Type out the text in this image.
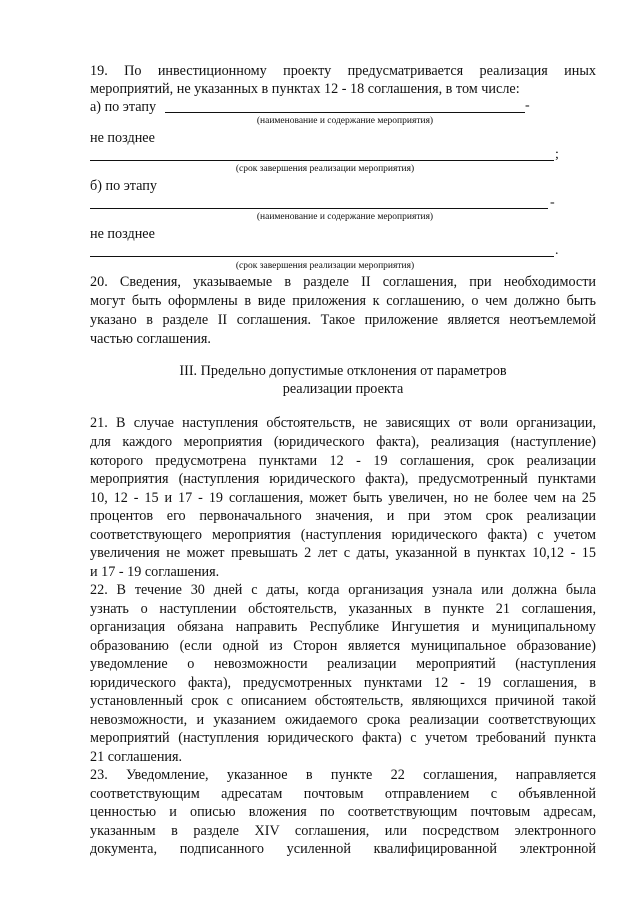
19. По инвестиционному проекту предусматривается реализация иных
мероприятий, не указанных в пунктах 12 - 18 соглашения, в том числе:
а) по этапу	-
(наименование и содержание мероприятия)
не позднее
;
(срок завершения реализации мероприятия)
б) по этапу
-
(наименование и содержание мероприятия)
не позднее
.
(срок завершения реализации мероприятия)
20. Сведения, указываемые в разделе II соглашения, при необходимости
могут быть оформлены в виде приложения к соглашению, о чем должно быть
указано в разделе II соглашения. Такое приложение является неотъемлемой
частью соглашения.
III. Предельно допустимые отклонения от параметров
реализации проекта
21. В случае наступления обстоятельств, не зависящих от воли организации,
для каждого мероприятия (юридического факта), реализация (наступление)
которого предусмотрена пунктами 12 - 19 соглашения, срок реализации
мероприятия (наступления юридического факта), предусмотренный пунктами
10, 12 - 15 и 17 - 19 соглашения, может быть увеличен, но не более чем на 25
процентов его первоначального значения, и при этом срок реализации
соответствующего мероприятия (наступления юридического факта) с учетом
увеличения не может превышать 2 лет с даты, указанной в пунктах 10,12 - 15
и 17 - 19 соглашения.
22. В течение 30 дней с даты, когда организация узнала или должна была
узнать о наступлении обстоятельств, указанных в пункте 21 соглашения,
организация обязана направить Республике Ингушетия и муниципальному
образованию (если одной из Сторон является муниципальное образование)
уведомление о невозможности реализации мероприятий (наступления
юридического факта), предусмотренных пунктами 12 - 19 соглашения, в
установленный срок с описанием обстоятельств, являющихся причиной такой
невозможности, и указанием ожидаемого срока реализации соответствующих
мероприятий (наступления юридического факта) с учетом требований пункта
21 соглашения.
23. Уведомление, указанное в пункте 22 соглашения, направляется
соответствующим адресатам почтовым отправлением с объявленной
ценностью и описью вложения по соответствующим почтовым адресам,
указанным в разделе XIV соглашения, или посредством электронного
документа, подписанного усиленной квалифицированной электронной
